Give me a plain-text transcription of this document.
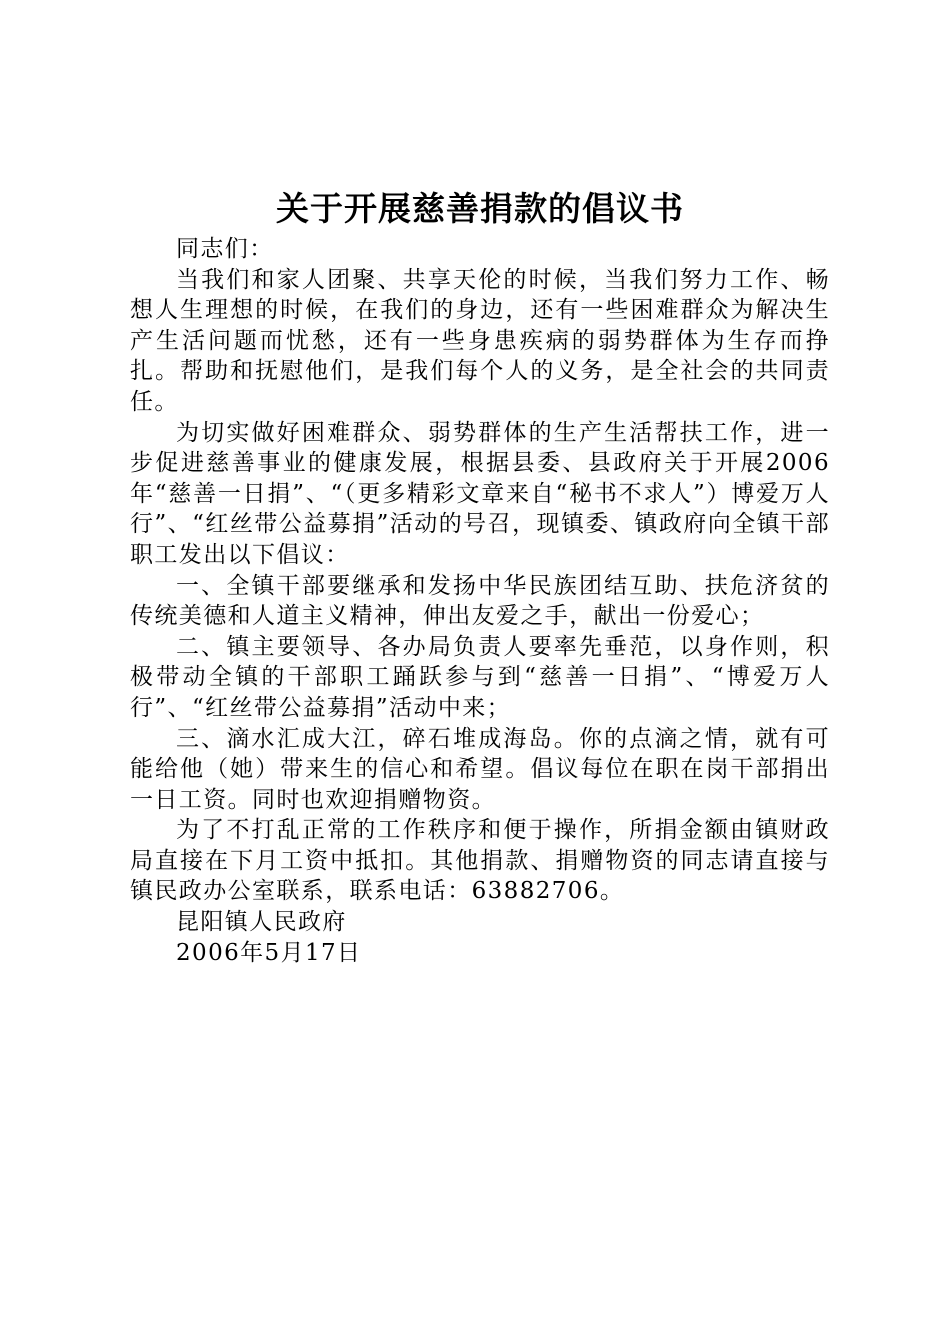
关于开展慈善捐款的倡议书

同志们：

当我们和家人团聚、共享天伦的时候，当我们努力工作、畅想人生理想的时候，在我们的身边，还有一些困难群众为解决生产生活问题而忧愁，还有一些身患疾病的弱势群体为生存而挣扎。帮助和抚慰他们，是我们每个人的义务，是全社会的共同责任。

为切实做好困难群众、弱势群体的生产生活帮扶工作，进一步促进慈善事业的健康发展，根据县委、县政府关于开展2006年“慈善一日捐”、“（更多精彩文章来自“秘书不求人”）博爱万人行”、“红丝带公益募捐”活动的号召，现镇委、镇政府向全镇干部职工发出以下倡议：

一、全镇干部要继承和发扬中华民族团结互助、扶危济贫的传统美德和人道主义精神，伸出友爱之手，献出一份爱心；

二、镇主要领导、各办局负责人要率先垂范，以身作则，积极带动全镇的干部职工踊跃参与到“慈善一日捐”、“博爱万人行”、“红丝带公益募捐”活动中来；

三、滴水汇成大江，碎石堆成海岛。你的点滴之情，就有可能给他（她）带来生的信心和希望。倡议每位在职在岗干部捐出一日工资。同时也欢迎捐赠物资。

为了不打乱正常的工作秩序和便于操作，所捐金额由镇财政局直接在下月工资中抵扣。其他捐款、捐赠物资的同志请直接与镇民政办公室联系，联系电话：63882706。

昆阳镇人民政府

2006年5月17日
